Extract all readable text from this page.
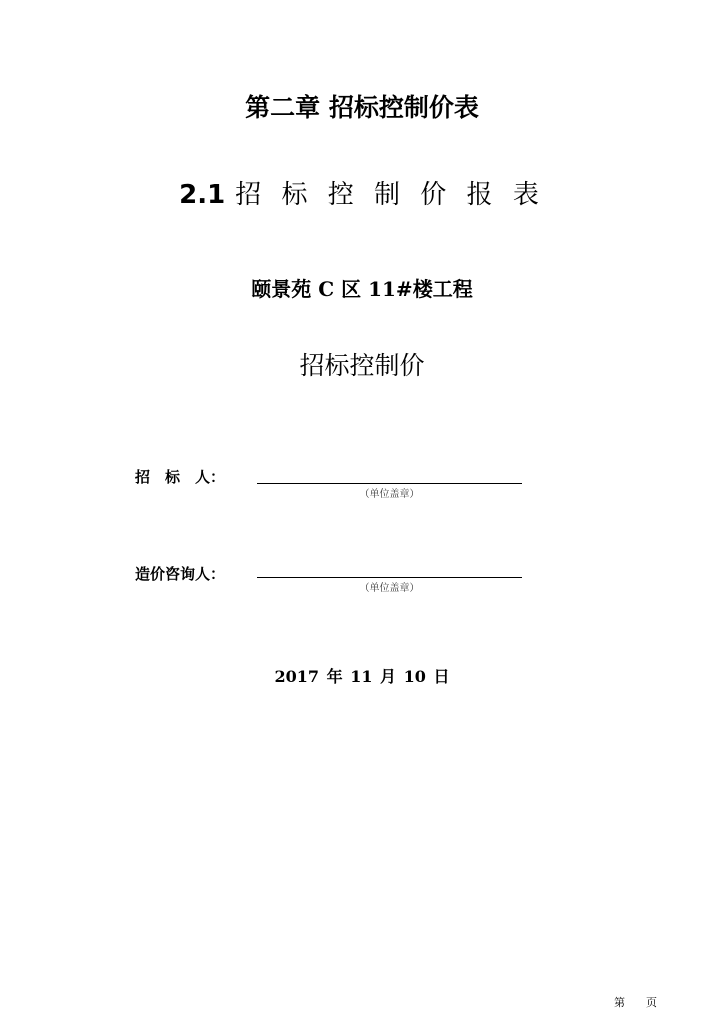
第二章 招标控制价表
2.1 招 标 控 制 价 报 表
颐景苑 C 区 11#楼工程
招标控制价
招　标　人：
（单位盖章）
造价咨询人：
（单位盖章）
2017 年 11 月 10 日
第      页
